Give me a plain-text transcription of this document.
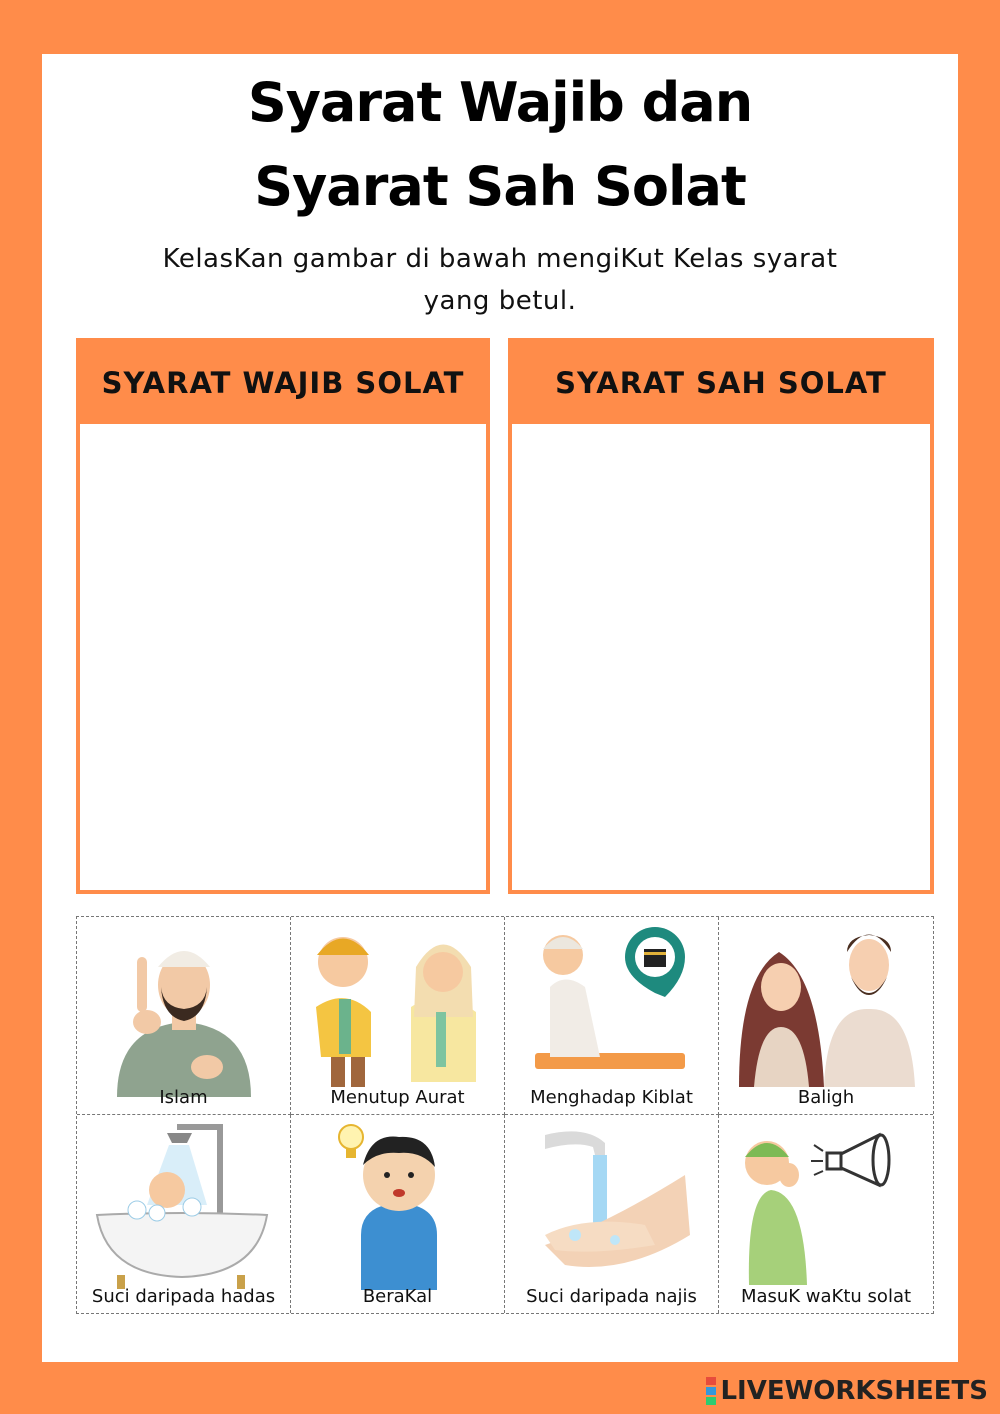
Syarat Wajib dan
Syarat Sah Solat
KelasKan gambar di bawah mengiKut Kelas syarat
yang betul.
SYARAT WAJIB SOLAT	SYARAT SAH SOLAT
Islam	Menutup Aurat	Menghadap Kiblat	Baligh
Suci daripada hadas	BeraKal	Suci daripada najis	MasuK waKtu solat
LIVEWORKSHEETS
